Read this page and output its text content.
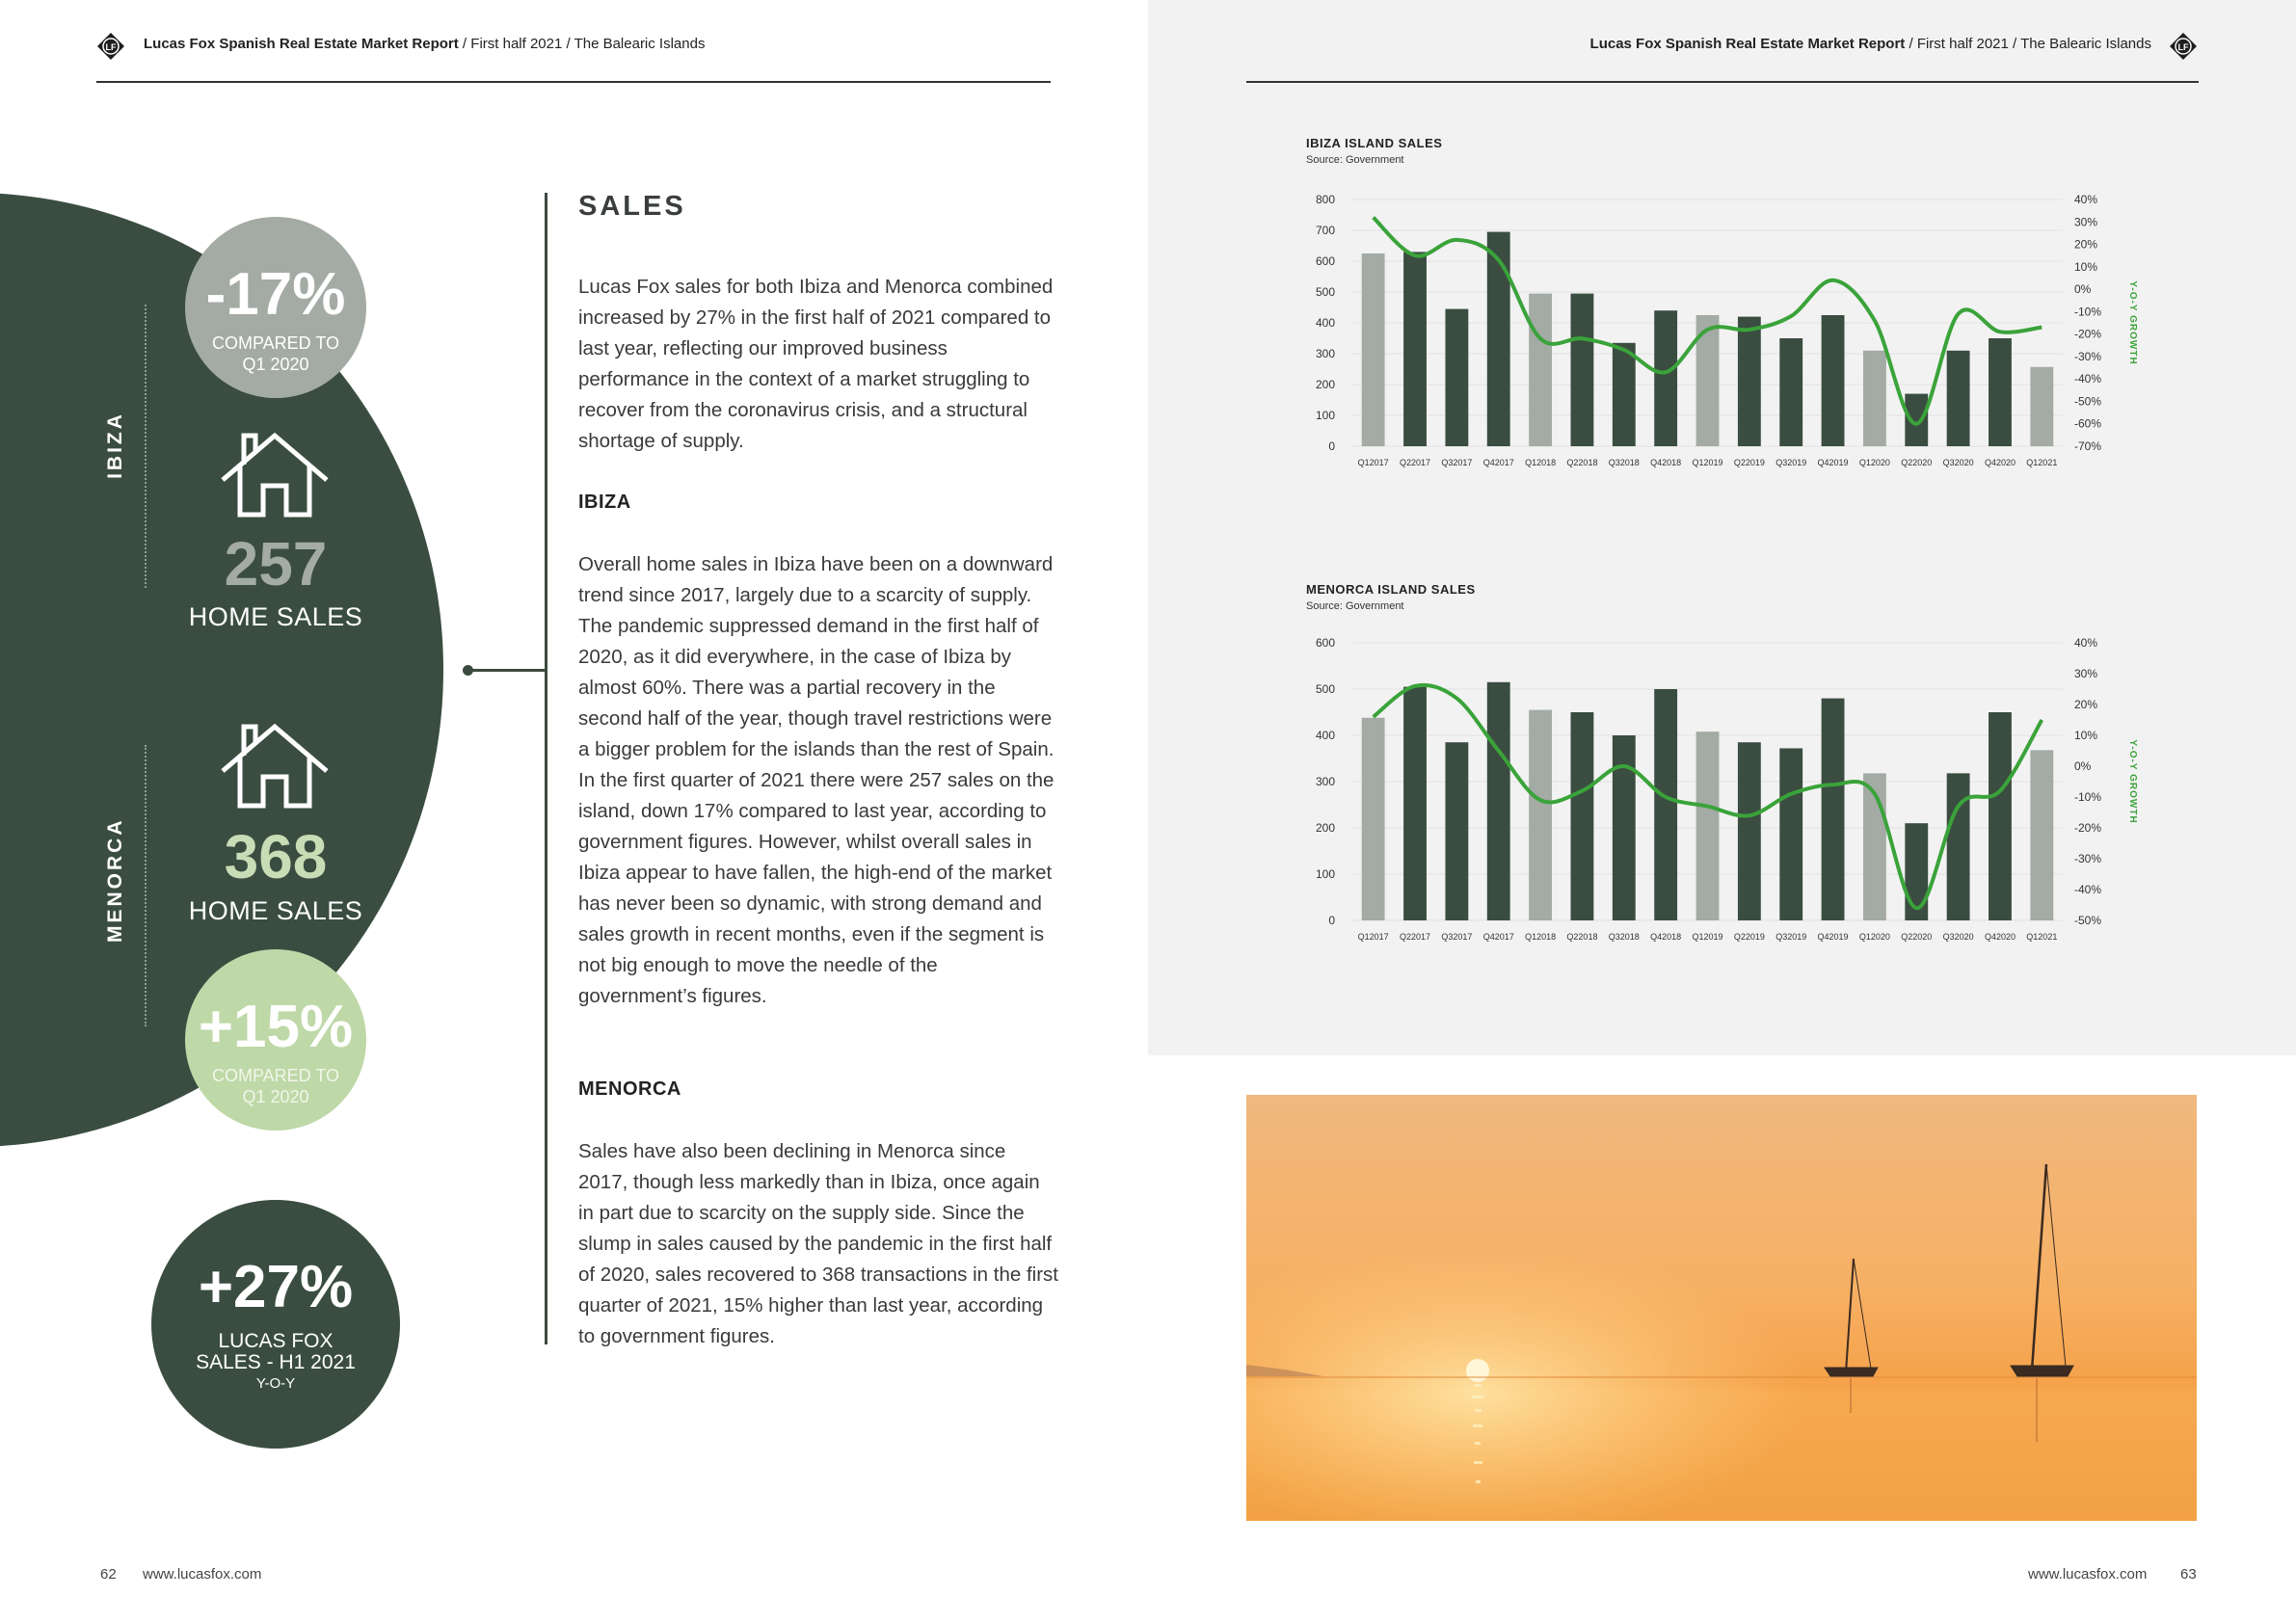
LF Lucas Fox Spanish Real Estate Market Report / First half 2021 / The Balearic Islands	Lucas Fox Spanish Real Estate Market Report / First half 2021 / The Balearic Islands	LF
IBIZA
MENORCA
-17%
COMPARED TO
Q1 2020
257
HOME SALES
368
HOME SALES
+15%
COMPARED TO
Q1 2020
+27%
LUCAS FOX
SALES - H1 2021
Y-O-Y
SALES
Lucas Fox sales for both Ibiza and Menorca combined increased by 27% in the first half of 2021 compared to last year, reflecting our improved business performance in the context of a market struggling to recover from the coronavirus crisis, and a structural shortage of supply.
IBIZA
Overall home sales in Ibiza have been on a downward trend since 2017, largely due to a scarcity of supply. The pandemic suppressed demand in the first half of 2020, as it did everywhere, in the case of Ibiza by almost 60%. There was a partial recovery in the second half of the year, though travel restrictions were a bigger problem for the islands than the rest of Spain. In the first quarter of 2021 there were 257 sales on the island, down 17% compared to last year, according to government figures. However, whilst overall sales in Ibiza appear to have fallen, the high-end of the market has never been so dynamic, with strong demand and sales growth in recent months, even if the segment is not big enough to move the needle of the government’s figures.
MENORCA
Sales have also been declining in Menorca since 2017, though less markedly than in Ibiza, once again in part due to scarcity on the supply side. Since the slump in sales caused by the pandemic in the first half of 2020, sales recovered to 368 transactions in the first quarter of 2021, 15% higher than last year, according to government figures.
IBIZA ISLAND SALES
Source: Government
0
100
200
300
400
500
600
700
800	40%
30%
20%
10%
0%
-10%
-20%
-30%
-40%
-50%
-60%
-70%
Y-O-Y GROWTH
Q12017 Q22017 Q32017 Q42017 Q12018 Q22018 Q32018 Q42018 Q12019 Q22019 Q32019 Q42019 Q12020 Q22020 Q32020 Q42020 Q12021
MENORCA ISLAND SALES
Source: Government
0
100
200
300
400
500
600	40%
30%
20%
10%
0%
-10%
-20%
-30%
-40%
-50%
Y-O-Y GROWTH
Q12017 Q22017 Q32017 Q42017 Q12018 Q22018 Q32018 Q42018 Q12019 Q22019 Q32019 Q42019 Q12020 Q22020 Q32020 Q42020 Q12021
62 www.lucasfox.com	www.lucasfox.com 63
